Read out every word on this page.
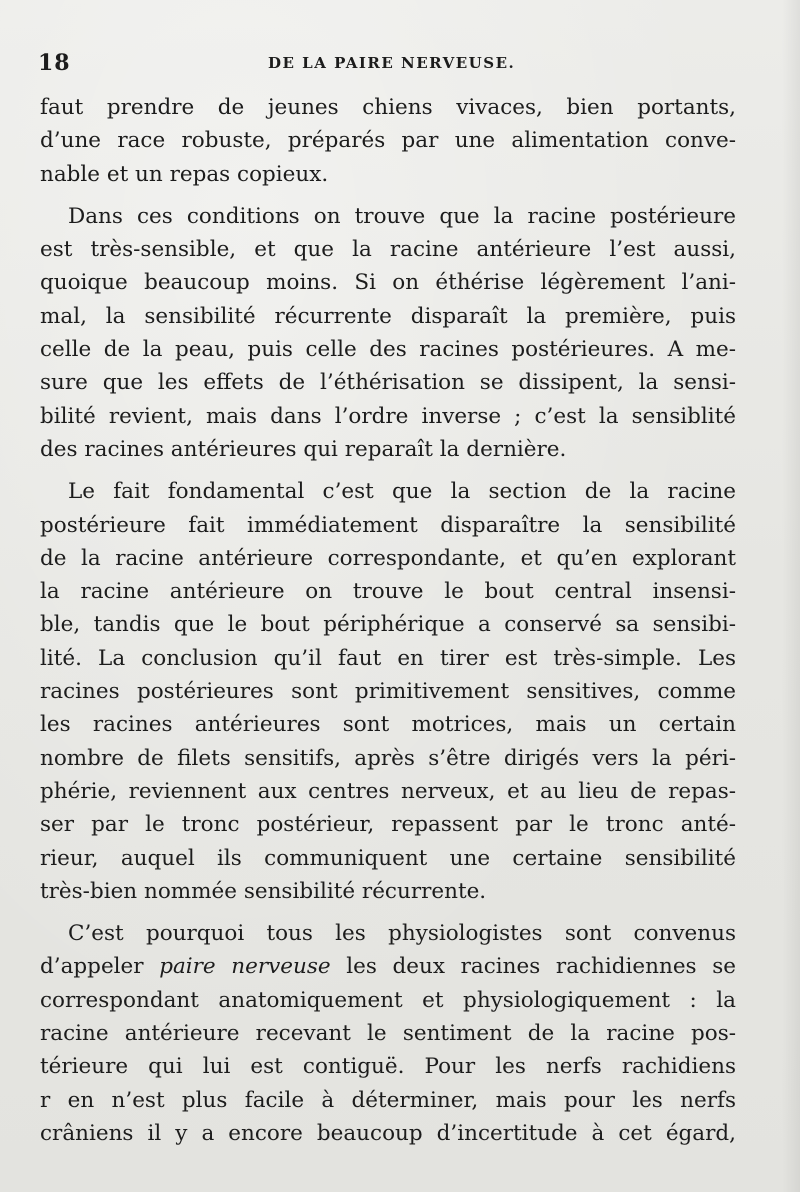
18	DE LA PAIRE NERVEUSE.
faut prendre de jeunes chiens vivaces, bien portants,
d’une race robuste, préparés par une alimentation conve-
nable et un repas copieux.
Dans ces conditions on trouve que la racine postérieure
est très-sensible, et que la racine antérieure l’est aussi,
quoique beaucoup moins. Si on éthérise légèrement l’ani-
mal, la sensibilité récurrente disparaît la première, puis
celle de la peau, puis celle des racines postérieures. A me-
sure que les effets de l’éthérisation se dissipent, la sensi-
bilité revient, mais dans l’ordre inverse ; c’est la sensiblité
des racines antérieures qui reparaît la dernière.
Le fait fondamental c’est que la section de la racine
postérieure fait immédiatement disparaître la sensibilité
de la racine antérieure correspondante, et qu’en explorant
la racine antérieure on trouve le bout central insensi-
ble, tandis que le bout périphérique a conservé sa sensibi-
lité. La conclusion qu’il faut en tirer est très-simple. Les
racines postérieures sont primitivement sensitives, comme
les racines antérieures sont motrices, mais un certain
nombre de filets sensitifs, après s’être dirigés vers la péri-
phérie, reviennent aux centres nerveux, et au lieu de repas-
ser par le tronc postérieur, repassent par le tronc anté-
rieur, auquel ils communiquent une certaine sensibilité
très-bien nommée sensibilité récurrente.
C’est pourquoi tous les physiologistes sont convenus
d’appeler paire nerveuse les deux racines rachidiennes se
correspondant anatomiquement et physiologiquement : la
racine antérieure recevant le sentiment de la racine pos-
térieure qui lui est contiguë. Pour les nerfs rachidiens
r en n’est plus facile à déterminer, mais pour les nerfs
crâniens il y a encore beaucoup d’incertitude à cet égard,
